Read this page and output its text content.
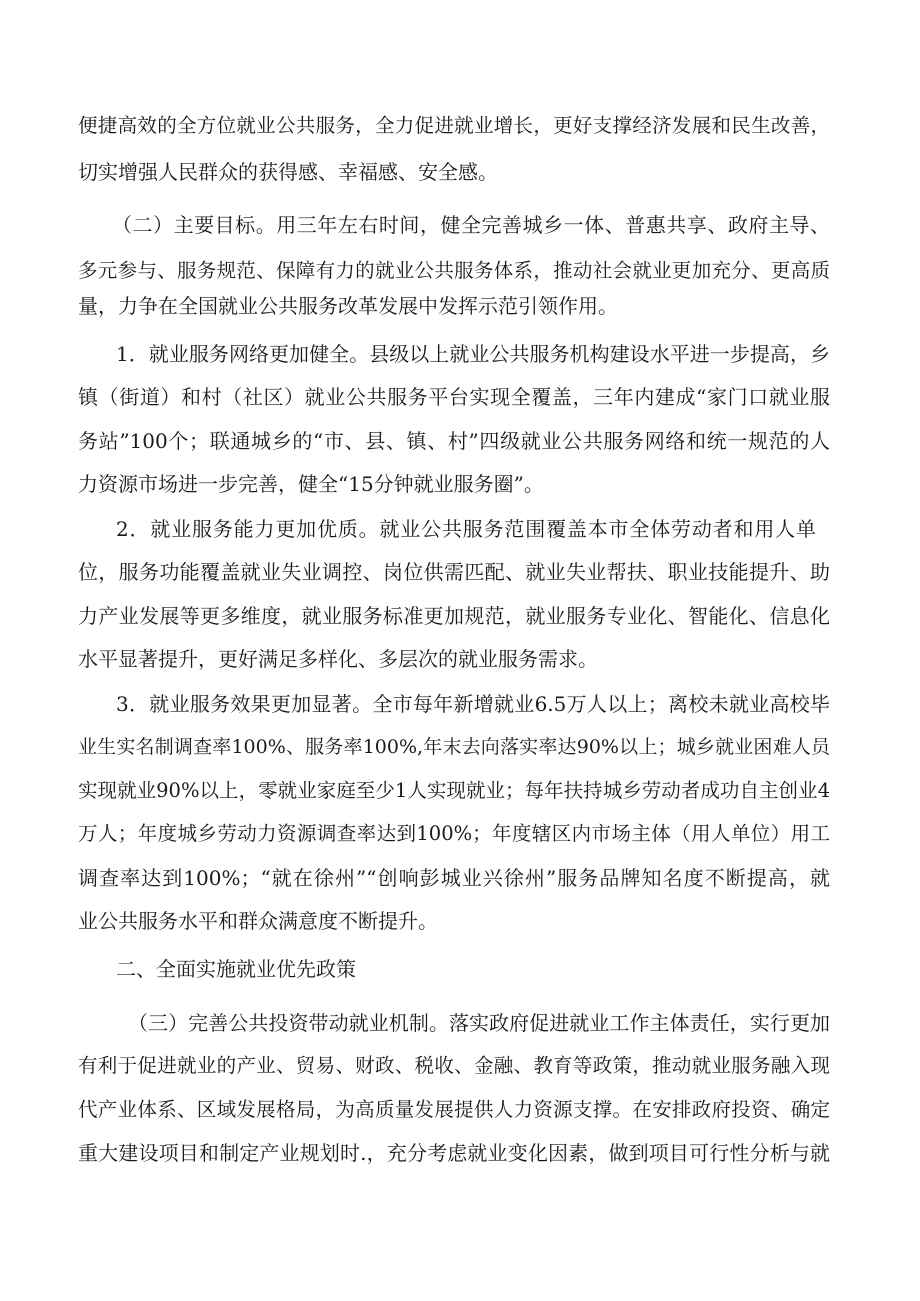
便捷高效的全方位就业公共服务，全力促进就业增长，更好支撑经济发展和民生改善，
切实增强人民群众的获得感、幸福感、安全感。
（二）主要目标。用三年左右时间，健全完善城乡一体、普惠共享、政府主导、
多元参与、服务规范、保障有力的就业公共服务体系，推动社会就业更加充分、更高质
量，力争在全国就业公共服务改革发展中发挥示范引领作用。
1．就业服务网络更加健全。县级以上就业公共服务机构建设水平进一步提高，乡
镇（街道）和村（社区）就业公共服务平台实现全覆盖，三年内建成“家门口就业服
务站”100个；联通城乡的“市、县、镇、村”四级就业公共服务网络和统一规范的人
力资源市场进一步完善，健全“15分钟就业服务圈”。
2．就业服务能力更加优质。就业公共服务范围覆盖本市全体劳动者和用人单
位，服务功能覆盖就业失业调控、岗位供需匹配、就业失业帮扶、职业技能提升、助
力产业发展等更多维度，就业服务标准更加规范，就业服务专业化、智能化、信息化
水平显著提升，更好满足多样化、多层次的就业服务需求。
3．就业服务效果更加显著。全市每年新增就业6.5万人以上；离校未就业高校毕
业生实名制调查率100%、服务率100%,年末去向落实率达90%以上；城乡就业困难人员
实现就业90%以上，零就业家庭至少1人实现就业；每年扶持城乡劳动者成功自主创业4
万人；年度城乡劳动力资源调查率达到100%；年度辖区内市场主体（用人单位）用工
调查率达到100%；“就在徐州”“创响彭城业兴徐州”服务品牌知名度不断提高，就
业公共服务水平和群众满意度不断提升。
二、全面实施就业优先政策
（三）完善公共投资带动就业机制。落实政府促进就业工作主体责任，实行更加
有利于促进就业的产业、贸易、财政、税收、金融、教育等政策，推动就业服务融入现
代产业体系、区域发展格局，为高质量发展提供人力资源支撑。在安排政府投资、确定
重大建设项目和制定产业规划时.，充分考虑就业变化因素，做到项目可行性分析与就
